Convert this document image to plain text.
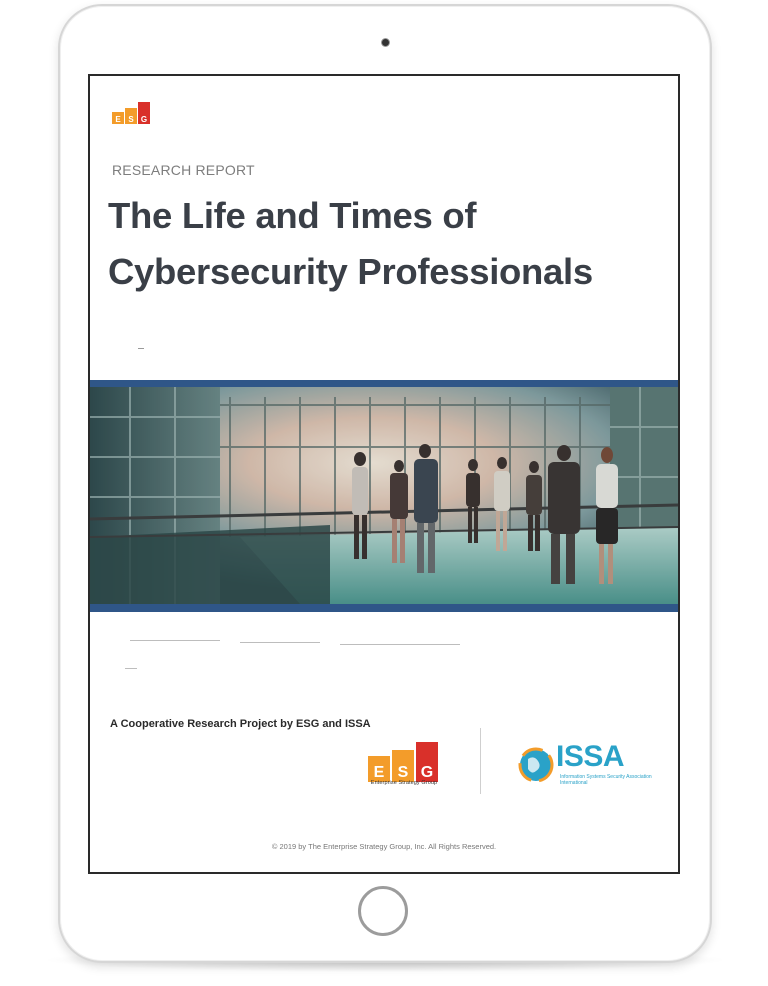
E S G
RESEARCH REPORT
The Life and Times of
Cybersecurity Professionals
A Cooperative Research Project by ESG and ISSA
E S G
Enterprise Strategy Group
ISSA
Information Systems Security Association International
© 2019 by The Enterprise Strategy Group, Inc. All Rights Reserved.
